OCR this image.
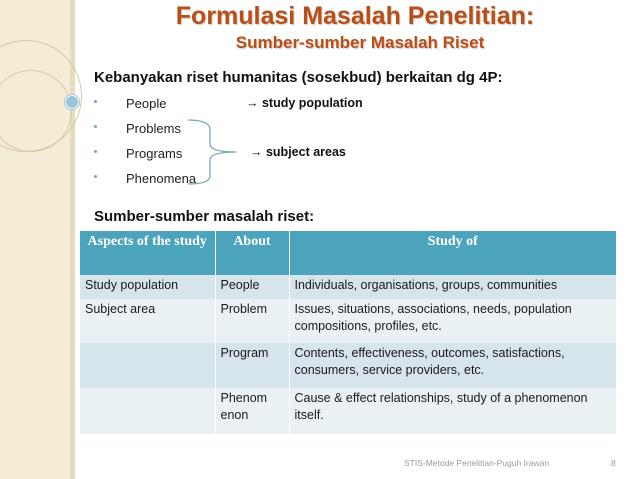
Formulasi Masalah Penelitian:
Sumber-sumber Masalah Riset
Kebanyakan riset humanitas (sosekbud) berkaitan dg 4P:
People
Problems
Programs
Phenomena
→ study population
→ subject areas
Sumber-sumber masalah riset:
Aspects of the study	About	Study of
Study population	People	Individuals, organisations, groups, communities
Subject area	Problem	Issues, situations, associations, needs, population compositions, profiles, etc.
	Program	Contents, effectiveness, outcomes, satisfactions, consumers, service providers, etc.
	Phenom enon	Cause & effect relationships, study of a phenomenon itself.
STIS-Metode Penelitian-Puguh Irawan	8
